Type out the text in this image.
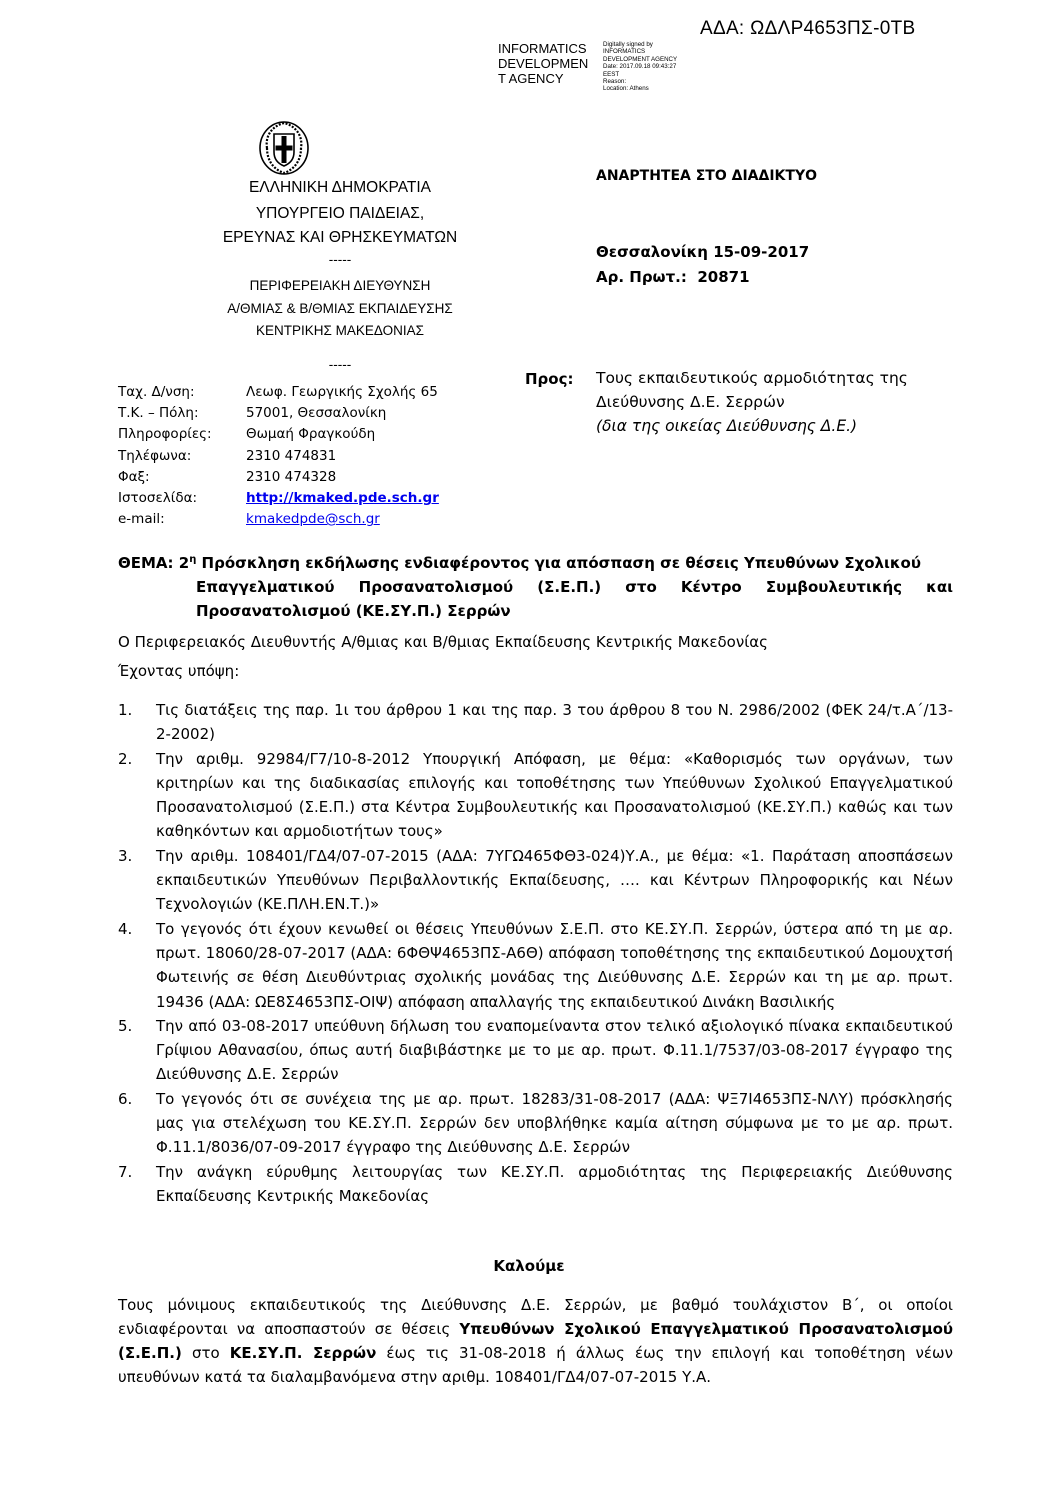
ΑΔΑ: ΩΔΛΡ4653ΠΣ-0ΤΒ
INFORMATICS
DEVELOPMEN
T AGENCY
Digitally signed by
INFORMATICS
DEVELOPMENT AGENCY
Date: 2017.09.18 09:43:27
EEST
Reason:
Location: Athens
ΕΛΛΗΝΙΚΗ ΔΗΜΟΚΡΑΤΙΑ
ΥΠΟΥΡΓΕΙΟ ΠΑΙΔΕΙΑΣ,
ΕΡΕΥΝΑΣ ΚΑΙ ΘΡΗΣΚΕΥΜΑΤΩΝ
-----
ΠΕΡΙΦΕΡΕΙΑΚΗ ΔΙΕΥΘΥΝΣΗ
Α/ΘΜΙΑΣ & Β/ΘΜΙΑΣ ΕΚΠΑΙΔΕΥΣΗΣ
ΚΕΝΤΡΙΚΗΣ ΜΑΚΕΔΟΝΙΑΣ
-----
Ταχ. Δ/νση:	Λεωφ. Γεωργικής Σχολής 65
Τ.Κ. – Πόλη:	57001, Θεσσαλονίκη
Πληροφορίες:	Θωμαή Φραγκούδη
Τηλέφωνα:	2310 474831
Φαξ:	2310 474328
Ιστοσελίδα:	http://kmaked.pde.sch.gr
e-mail:	kmakedpde@sch.gr
ΑΝΑΡΤΗΤΕΑ ΣΤΟ ΔΙΑΔΙΚΤΥΟ
Θεσσαλονίκη 15-09-2017
Αρ. Πρωτ.: 20871
Προς: Τους εκπαιδευτικούς αρμοδιότητας της
Διεύθυνσης Δ.Ε. Σερρών
(δια της οικείας Διεύθυνσης Δ.Ε.)
ΘΕΜΑ: $2^\eta$ Πρόσκληση εκδήλωσης ενδιαφέροντος για απόσπαση σε θέσεις Υπευθύνων Σχολικού
Επαγγελματικού Προσανατολισμού (Σ.Ε.Π.) στο Κέντρο Συμβουλευτικής και
Προσανατολισμού (ΚΕ.ΣΥ.Π.) Σερρών
Ο Περιφερειακός Διευθυντής Α/θμιας και Β/θμιας Εκπαίδευσης Κεντρικής Μακεδονίας
Έχοντας υπόψη:
1.	Τις διατάξεις της παρ. 1ι του άρθρου 1 και της παρ. 3 του άρθρου 8 του Ν. 2986/2002 (ΦΕΚ 24/τ.Α΄/13-2-2002)
2.	Την αριθμ. 92984/Γ7/10-8-2012 Υπουργική Απόφαση, με θέμα: «Καθορισμός των οργάνων, των κριτηρίων και της διαδικασίας επιλογής και τοποθέτησης των Υπεύθυνων Σχολικού Επαγγελματικού Προσανατολισμού (Σ.Ε.Π.) στα Κέντρα Συμβουλευτικής και Προσανατολισμού (ΚΕ.ΣΥ.Π.) καθώς και των καθηκόντων και αρμοδιοτήτων τους»
3.	Την αριθμ. 108401/ΓΔ4/07-07-2015 (ΑΔΑ: 7ΥΓΩ465ΦΘ3-024)Υ.Α., με θέμα: «1. Παράταση αποσπάσεων εκπαιδευτικών Υπευθύνων Περιβαλλοντικής Εκπαίδευσης, …. και Κέντρων Πληροφορικής και Νέων Τεχνολογιών (ΚΕ.ΠΛΗ.ΕΝ.Τ.)»
4.	Το γεγονός ότι έχουν κενωθεί οι θέσεις Υπευθύνων Σ.Ε.Π. στο ΚΕ.ΣΥ.Π. Σερρών, ύστερα από τη με αρ. πρωτ. 18060/28-07-2017 (ΑΔΑ: 6ΦΘΨ4653ΠΣ-Α6Θ) απόφαση τοποθέτησης της εκπαιδευτικού Δομουχτσή Φωτεινής σε θέση Διευθύντριας σχολικής μονάδας της Διεύθυνσης Δ.Ε. Σερρών και τη με αρ. πρωτ. 19436 (ΑΔΑ: ΩΕ8Σ4653ΠΣ-ΟΙΨ) απόφαση απαλλαγής της εκπαιδευτικού Δινάκη Βασιλικής
5.	Την από 03-08-2017 υπεύθυνη δήλωση του εναπομείναντα στον τελικό αξιολογικό πίνακα εκπαιδευτικού Γρίψιου Αθανασίου, όπως αυτή διαβιβάστηκε με το με αρ. πρωτ. Φ.11.1/7537/03-08-2017 έγγραφο της Διεύθυνσης Δ.Ε. Σερρών
6.	Το γεγονός ότι σε συνέχεια της με αρ. πρωτ. 18283/31-08-2017 (ΑΔΑ: ΨΞ7Ι4653ΠΣ-ΝΛΥ) πρόσκλησής μας για στελέχωση του ΚΕ.ΣΥ.Π. Σερρών δεν υποβλήθηκε καμία αίτηση σύμφωνα με το με αρ. πρωτ. Φ.11.1/8036/07-09-2017 έγγραφο της Διεύθυνσης Δ.Ε. Σερρών
7.	Την ανάγκη εύρυθμης λειτουργίας των ΚΕ.ΣΥ.Π. αρμοδιότητας της Περιφερειακής Διεύθυνσης Εκπαίδευσης Κεντρικής Μακεδονίας
Καλούμε
Τους μόνιμους εκπαιδευτικούς της Διεύθυνσης Δ.Ε. Σερρών, με βαθμό τουλάχιστον Β΄, οι οποίοι ενδιαφέρονται να αποσπαστούν σε θέσεις Υπευθύνων Σχολικού Επαγγελματικού Προσανατολισμού (Σ.Ε.Π.) στο ΚΕ.ΣΥ.Π. Σερρών έως τις 31-08-2018 ή άλλως έως την επιλογή και τοποθέτηση νέων υπευθύνων κατά τα διαλαμβανόμενα στην αριθμ. 108401/ΓΔ4/07-07-2015 Υ.Α.
